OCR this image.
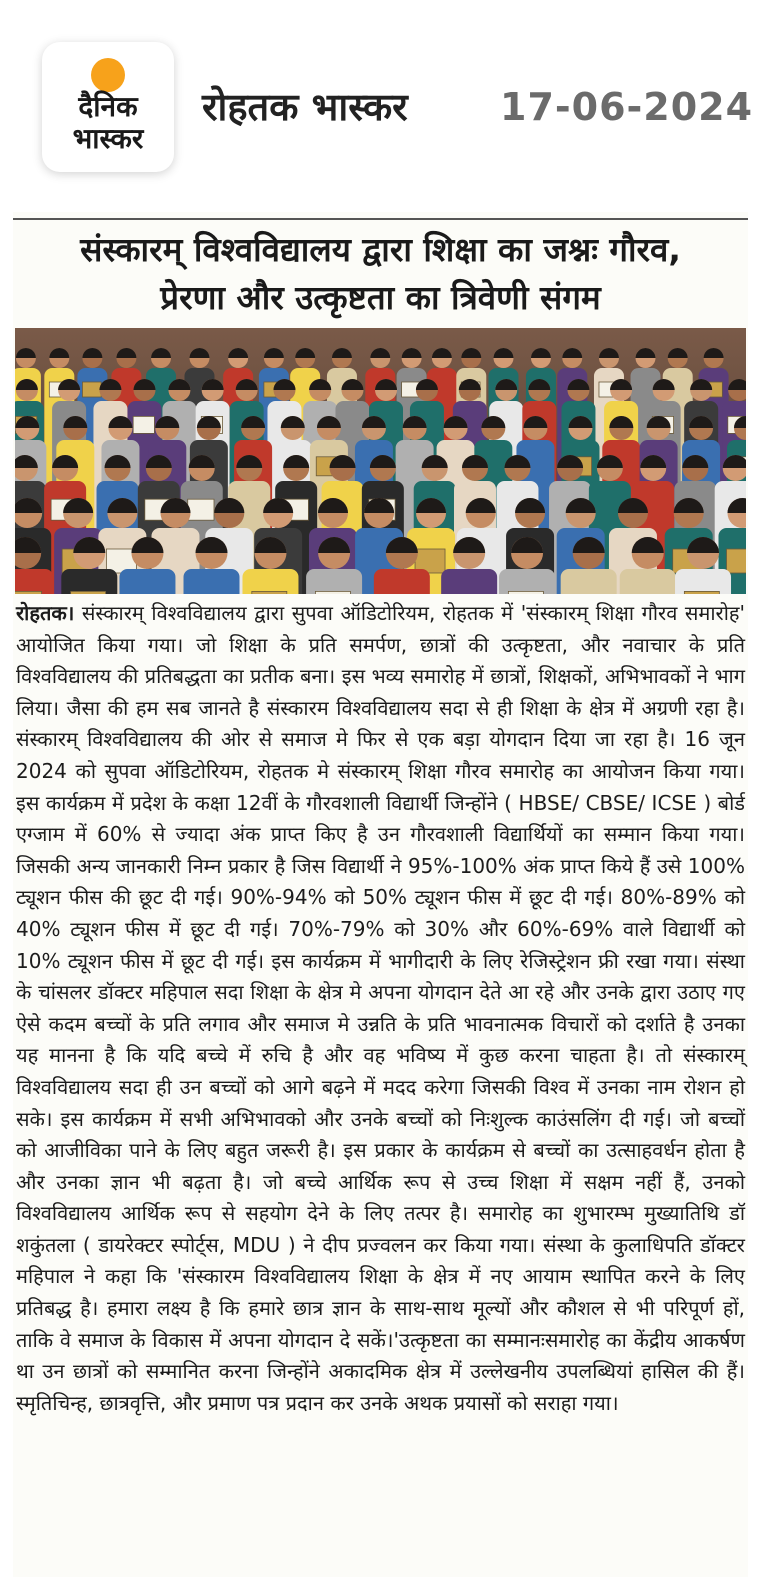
दैनिक
भास्कर
रोहतक भास्कर 17-06-2024
संस्कारम् विश्वविद्यालय द्वारा शिक्षा का जश्नः गौरव,
प्रेरणा और उत्कृष्टता का त्रिवेणी संगम
रोहतक। संस्कारम् विश्वविद्यालय द्वारा सुपवा ऑडिटोरियम, रोहतक में 'संस्कारम् शिक्षा गौरव समारोह' आयोजित किया गया। जो शिक्षा के प्रति समर्पण, छात्रों की उत्कृष्टता, और नवाचार के प्रति विश्वविद्यालय की प्रतिबद्धता का प्रतीक बना। इस भव्य समारोह में छात्रों, शिक्षकों, अभिभावकों ने भाग लिया। जैसा की हम सब जानते है संस्कारम विश्वविद्यालय सदा से ही शिक्षा के क्षेत्र में अग्रणी रहा है।संस्कारम् विश्वविद्यालय की ओर से समाज मे फिर से एक बड़ा योगदान दिया जा रहा है। 16 जून 2024 को सुपवा ऑडिटोरियम, रोहतक मे संस्कारम् शिक्षा गौरव समारोह का आयोजन किया गया। इस कार्यक्रम में प्रदेश के कक्षा 12वीं के गौरवशाली विद्यार्थी जिन्होंने ( HBSE/ CBSE/ ICSE ) बोर्ड एग्जाम में 60% से ज्यादा अंक प्राप्त किए है उन गौरवशाली विद्यार्थियों का सम्मान किया गया। जिसकी अन्य जानकारी निम्न प्रकार है जिस विद्यार्थी ने 95%-100% अंक प्राप्त किये हैं उसे 100% ट्यूशन फीस की छूट दी गई। 90%-94% को 50% ट्यूशन फीस में छूट दी गई। 80%-89% को 40% ट्यूशन फीस में छूट दी गई। 70%-79% को 30% और 60%-69% वाले विद्यार्थी को 10% ट्यूशन फीस में छूट दी गई। इस कार्यक्रम में भागीदारी के लिए रेजिस्ट्रेशन फ्री रखा गया। संस्था के चांसलर डॉक्टर महिपाल सदा शिक्षा के क्षेत्र मे अपना योगदान देते आ रहे और उनके द्वारा उठाए गए ऐसे कदम बच्चों के प्रति लगाव और समाज मे उन्नति के प्रति भावनात्मक विचारों को दर्शाते है उनका यह मानना है कि यदि बच्चे में रुचि है और वह भविष्य में कुछ करना चाहता है। तो संस्कारम् विश्वविद्यालय सदा ही उन बच्चों को आगे बढ़ने में मदद करेगा जिसकी विश्व में उनका नाम रोशन हो सके। इस कार्यक्रम में सभी अभिभावको और उनके बच्चों को निःशुल्क काउंसलिंग दी गई। जो बच्चों को आजीविका पाने के लिए बहुत जरूरी है। इस प्रकार के कार्यक्रम से बच्चों का उत्साहवर्धन होता है और उनका ज्ञान भी बढ़ता है। जो बच्चे आर्थिक रूप से उच्च शिक्षा में सक्षम नहीं हैं, उनको विश्वविद्यालय आर्थिक रूप से सहयोग देने के लिए तत्पर है। समारोह का शुभारम्भ मुख्यातिथि डॉ शकुंतला ( डायरेक्टर स्पोर्ट्स, MDU ) ने दीप प्रज्वलन कर किया गया। संस्था के कुलाधिपति डॉक्टर महिपाल ने कहा कि 'संस्कारम विश्वविद्यालय शिक्षा के क्षेत्र में नए आयाम स्थापित करने के लिए प्रतिबद्ध है। हमारा लक्ष्य है कि हमारे छात्र ज्ञान के साथ-साथ मूल्यों और कौशल से भी परिपूर्ण हों, ताकि वे समाज के विकास में अपना योगदान दे सकें।'उत्कृष्टता का सम्मानःसमारोह का केंद्रीय आकर्षण था उन छात्रों को सम्मानित करना जिन्होंने अकादमिक क्षेत्र में उल्लेखनीय उपलब्धियां हासिल की हैं। स्मृतिचिन्ह, छात्रवृत्ति, और प्रमाण पत्र प्रदान कर उनके अथक प्रयासों को सराहा गया।
